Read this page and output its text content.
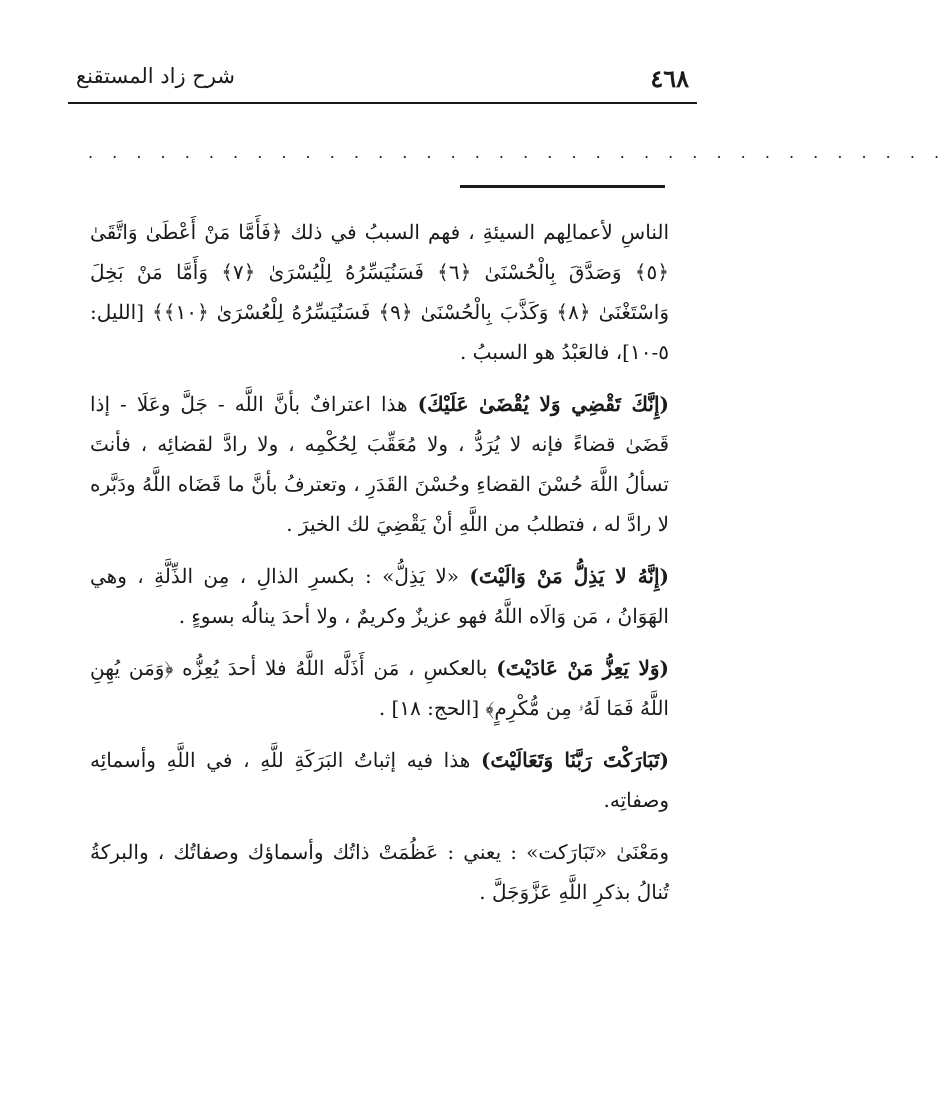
٤٦٨
شرح زاد المستقنع
. . . . . . . . . . . . . . . . . . . . . . . . . . . . . . . . . . . .

الناسِ لأعمالِهم السيئةِ ، فهم السببُ في ذلك ﴿فَأَمَّا مَنْ أَعْطَىٰ وَاتَّقَىٰ ﴿٥﴾ وَصَدَّقَ بِالْحُسْنَىٰ ﴿٦﴾ فَسَنُيَسِّرُهُ لِلْيُسْرَىٰ ﴿٧﴾ وَأَمَّا مَنْ بَخِلَ وَاسْتَغْنَىٰ ﴿٨﴾ وَكَذَّبَ بِالْحُسْنَىٰ ﴿٩﴾ فَسَنُيَسِّرُهُ لِلْعُسْرَىٰ ﴿١٠﴾﴾ [الليل: ٥-١٠]، فالعَبْدُ هو السببُ .

(إِنَّكَ تَقْضِي وَلا يُقْضَىٰ عَلَيْكَ) هذا اعترافٌ بأنَّ اللَّه - جَلَّ وعَلَا - إذا قَضَىٰ قضاءً فإنه لا يُرَدُّ ، ولا مُعَقِّبَ لِحُكْمِه ، ولا رادَّ لقضائِه ، فأنتَ تسألُ اللَّهَ حُسْنَ القضاءِ وحُسْنَ القَدَرِ ، وتعترفُ بأنَّ ما قَضَاه اللَّهُ ودَبَّره لا رادَّ له ، فتطلبُ من اللَّهِ أنْ يَقْضِيَ لك الخيرَ .

(إِنَّهُ لا يَذِلُّ مَنْ وَالَيْتَ) «لا يَذِلُّ» : بكسرِ الذالِ ، مِن الذِّلَّةِ ، وهي الهَوَانُ ، مَن وَالَاه اللَّهُ فهو عزيزٌ وكريمٌ ، ولا أحدَ ينالُه بسوءٍ .

(وَلا يَعِزُّ مَنْ عَادَيْتَ) بالعكسِ ، مَن أَذَلَّه اللَّهُ فلا أحدَ يُعِزُّه ﴿وَمَن يُهِنِ اللَّهُ فَمَا لَهُۥ مِن مُّكْرِمٍ﴾ [الحج: ١٨] .

(تَبَارَكْتَ رَبَّنَا وَتَعَالَيْتَ) هذا فيه إثباتُ البَرَكَةِ للَّهِ ، في اللَّهِ وأسمائِه وصفاتِه.

ومَعْنَىٰ «تَبَارَكت» : يعني : عَظُمَتْ ذاتُك وأسماؤك وصفاتُك ، والبركةُ تُنالُ بذكرِ اللَّهِ عَزَّوَجَلَّ .
